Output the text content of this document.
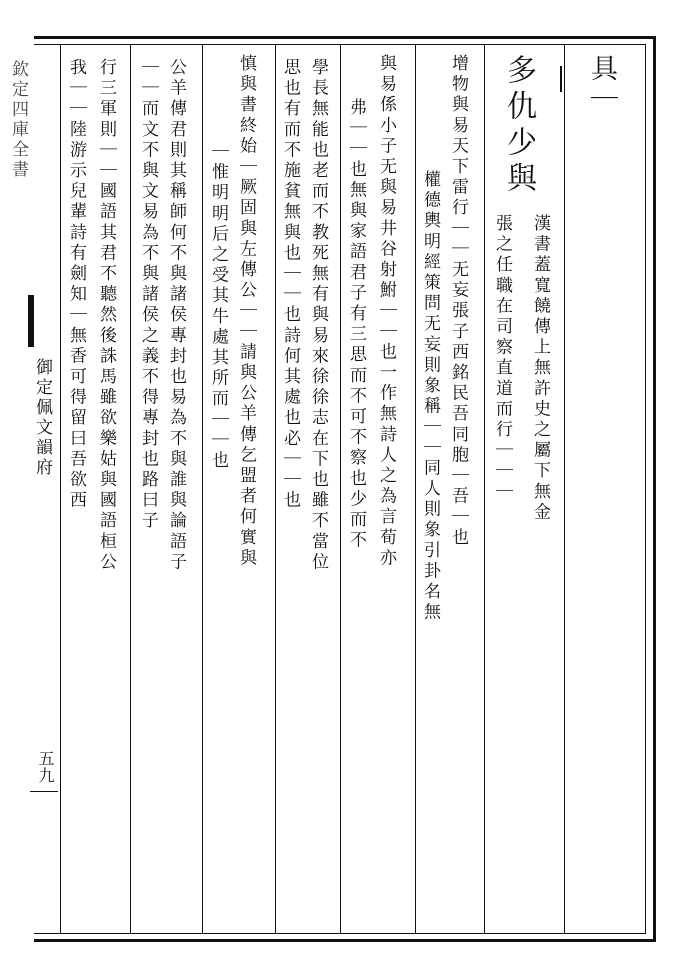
具｜
多仇少與
漢書蓋寬饒傳上無許史之屬下無金
張之任職在司察直道而行｜｜｜
增物與易天下雷行｜｜无妄張子西銘民吾同胞｜吾｜也
權德輿明經策問无妄則象稱｜｜同人則象引卦名無
與易係小子无與易井谷射鮒｜｜也一作無詩人之為言荀亦
弗｜｜也無與家語君子有三思而不可不察也少而不
學長無能也老而不教死無有與易來徐徐志在下也雖不當位
思也有而不施貧無與也｜｜也詩何其處也必｜｜也
慎與書終始｜厥固與左傳公｜｜請與公羊傳乞盟者何實與
｜惟明明后之受其牛處其所而｜｜也
公羊傳君則其稱師何不與諸侯專封也易為不與誰與論語子
｜｜而文不與文易為不與諸侯之義不得專封也路曰子
行三軍則｜｜國語其君不聽然後誅馬雖欲樂姑與國語桓公
我｜｜陸游示兒輩詩有劍知｜無香可得留曰吾欲西
欽定四庫全書
御定佩文韻府
五九
